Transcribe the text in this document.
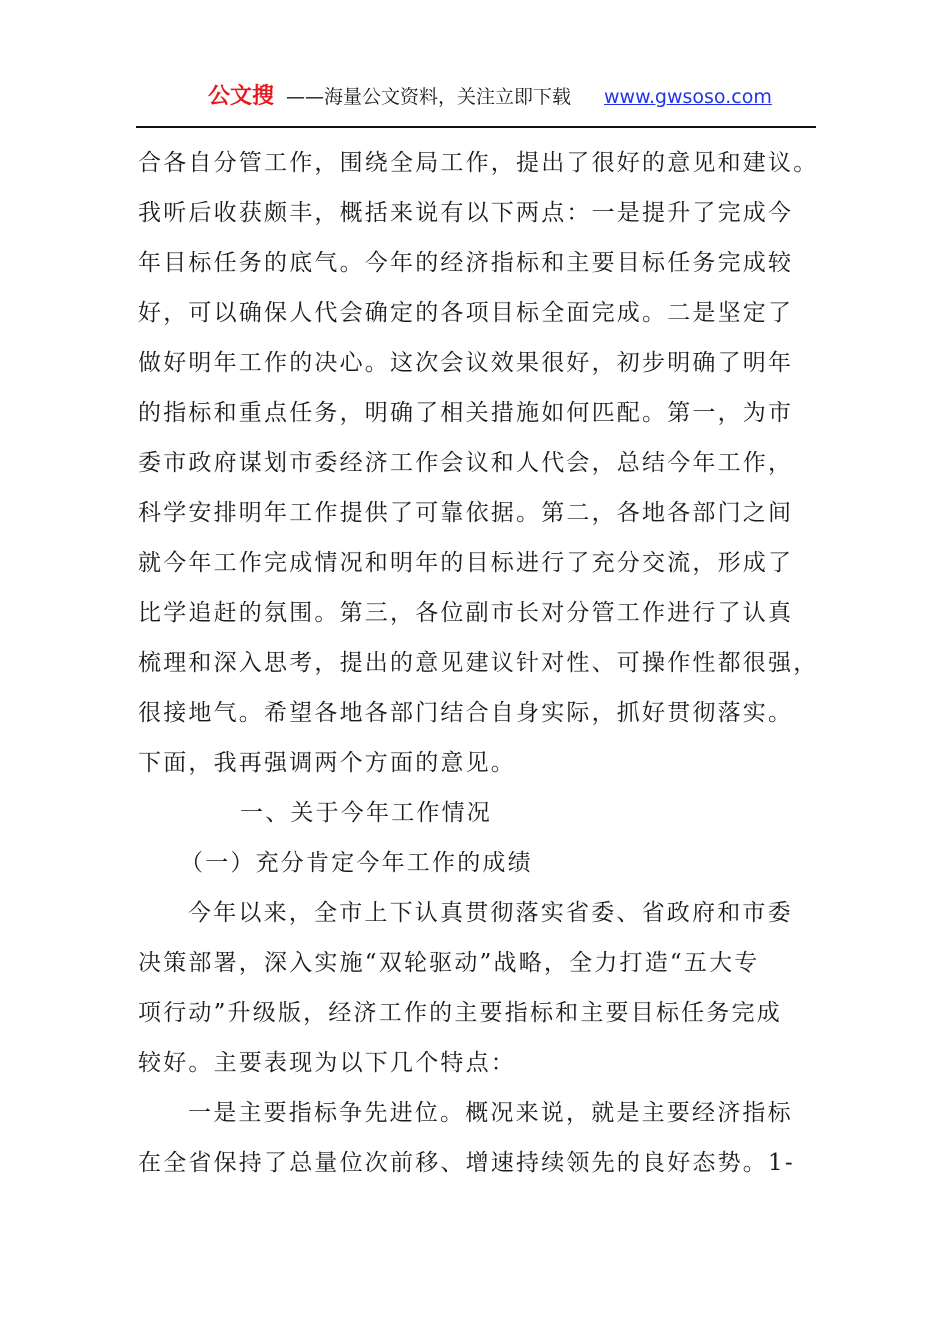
公文搜 ——海量公文资料，关注立即下载 www.gwsoso.com
合各自分管工作，围绕全局工作，提出了很好的意见和建议。
我听后收获颇丰，概括来说有以下两点：一是提升了完成今
年目标任务的底气。今年的经济指标和主要目标任务完成较
好，可以确保人代会确定的各项目标全面完成。二是坚定了
做好明年工作的决心。这次会议效果很好，初步明确了明年
的指标和重点任务，明确了相关措施如何匹配。第一，为市
委市政府谋划市委经济工作会议和人代会，总结今年工作，
科学安排明年工作提供了可靠依据。第二，各地各部门之间
就今年工作完成情况和明年的目标进行了充分交流，形成了
比学追赶的氛围。第三，各位副市长对分管工作进行了认真
梳理和深入思考，提出的意见建议针对性、可操作性都很强，
很接地气。希望各地各部门结合自身实际，抓好贯彻落实。
下面，我再强调两个方面的意见。
一、关于今年工作情况
（一）充分肯定今年工作的成绩
今年以来，全市上下认真贯彻落实省委、省政府和市委
决策部署，深入实施“双轮驱动”战略，全力打造“五大专
项行动”升级版，经济工作的主要指标和主要目标任务完成
较好。主要表现为以下几个特点：
一是主要指标争先进位。概况来说，就是主要经济指标
在全省保持了总量位次前移、增速持续领先的良好态势。1-
